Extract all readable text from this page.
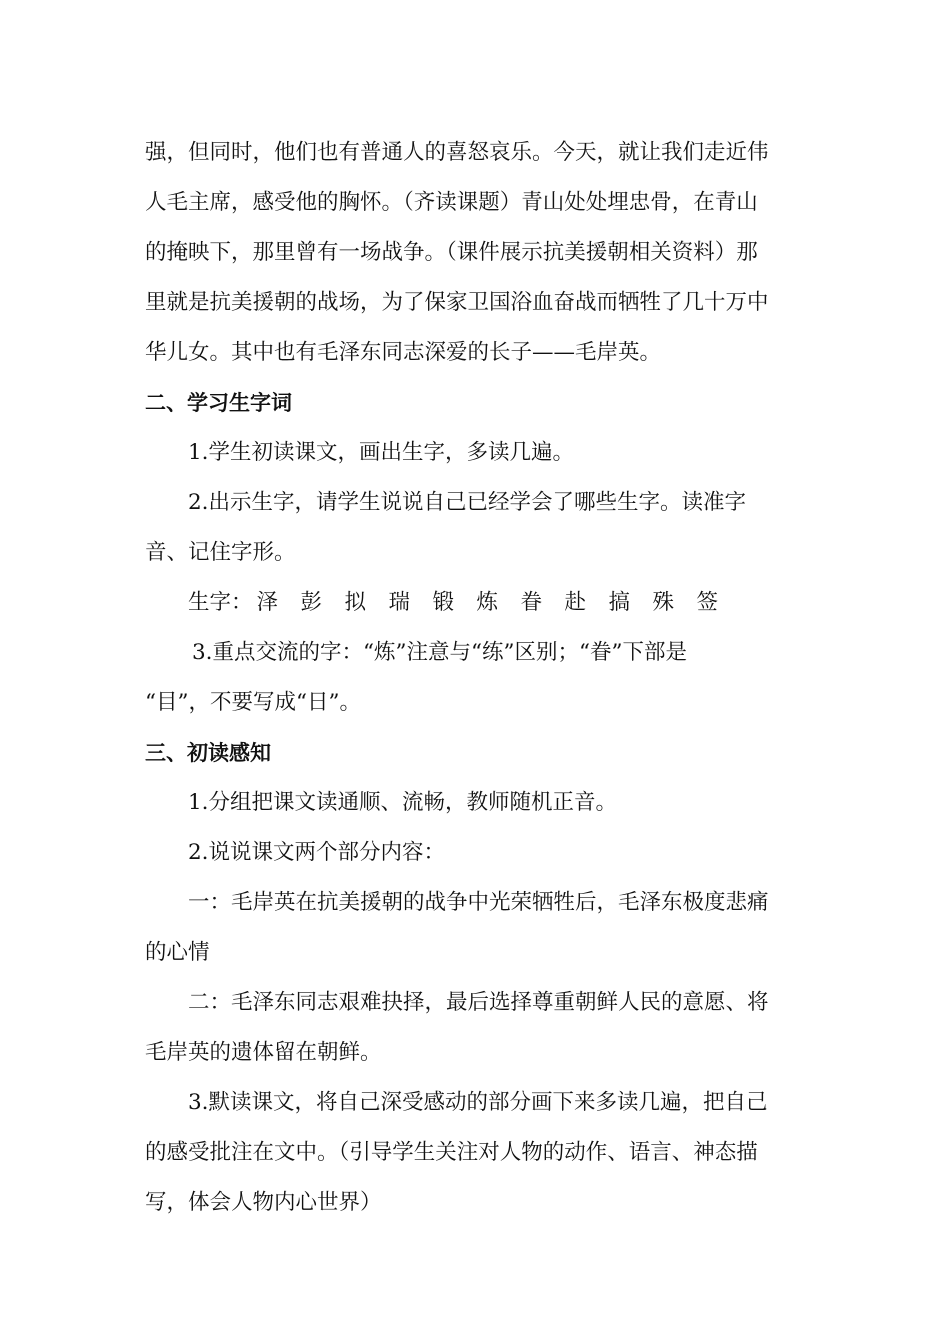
强，但同时，他们也有普通人的喜怒哀乐。今天，就让我们走近伟

人毛主席，感受他的胸怀。（齐读课题）青山处处埋忠骨，在青山

的掩映下，那里曾有一场战争。（课件展示抗美援朝相关资料）那

里就是抗美援朝的战场，为了保家卫国浴血奋战而牺牲了几十万中

华儿女。其中也有毛泽东同志深爱的长子——毛岸英。

二、学习生字词

1.学生初读课文，画出生字，多读几遍。

2.出示生字，请学生说说自己已经学会了哪些生字。读准字

音、记住字形。

生字： 泽 彭 拟 瑞 锻 炼 眷 赴 搞 殊 签

3.重点交流的字：“炼”注意与“练”区别；“眷”下部是

“目”，不要写成“日”。

三、初读感知

1.分组把课文读通顺、流畅，教师随机正音。

2.说说课文两个部分内容：

一：毛岸英在抗美援朝的战争中光荣牺牲后，毛泽东极度悲痛

的心情

二：毛泽东同志艰难抉择，最后选择尊重朝鲜人民的意愿、将

毛岸英的遗体留在朝鲜。

3.默读课文，将自己深受感动的部分画下来多读几遍，把自己

的感受批注在文中。（引导学生关注对人物的动作、语言、神态描

写，体会人物内心世界）
